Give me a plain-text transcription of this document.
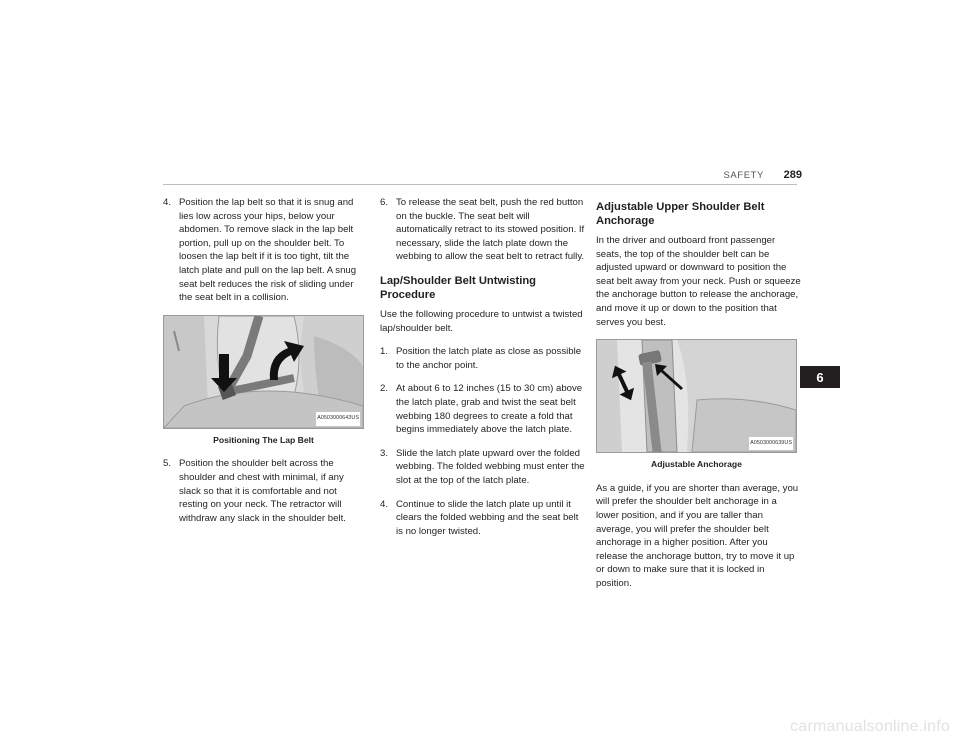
SAFETY 289
4. Position the lap belt so that it is snug and lies low across your hips, below your abdomen. To remove slack in the lap belt portion, pull up on the shoulder belt. To loosen the lap belt if it is too tight, tilt the latch plate and pull on the lap belt. A snug seat belt reduces the risk of sliding under the seat belt in a collision.
A0503000643US
Positioning The Lap Belt
5. Position the shoulder belt across the shoulder and chest with minimal, if any slack so that it is comfortable and not resting on your neck. The retractor will withdraw any slack in the shoulder belt.
6. To release the seat belt, push the red button on the buckle. The seat belt will automatically retract to its stowed position. If necessary, slide the latch plate down the webbing to allow the seat belt to retract fully.
Lap/Shoulder Belt Untwisting Procedure

Use the following procedure to untwist a twisted lap/shoulder belt.

1. Position the latch plate as close as possible to the anchor point.
2. At about 6 to 12 inches (15 to 30 cm) above the latch plate, grab and twist the seat belt webbing 180 degrees to create a fold that begins immediately above the latch plate.
3. Slide the latch plate upward over the folded webbing. The folded webbing must enter the slot at the top of the latch plate.
4. Continue to slide the latch plate up until it clears the folded webbing and the seat belt is no longer twisted.
Adjustable Upper Shoulder Belt Anchorage

In the driver and outboard front passenger seats, the top of the shoulder belt can be adjusted upward or downward to position the seat belt away from your neck. Push or squeeze the anchorage button to release the anchorage, and move it up or down to the position that serves you best.

A0503000639US
Adjustable Anchorage

As a guide, if you are shorter than average, you will prefer the shoulder belt anchorage in a lower position, and if you are taller than average, you will prefer the shoulder belt anchorage in a higher position. After you release the anchorage button, try to move it up or down to make sure that it is locked in position.

6
carmanualsonline.info
